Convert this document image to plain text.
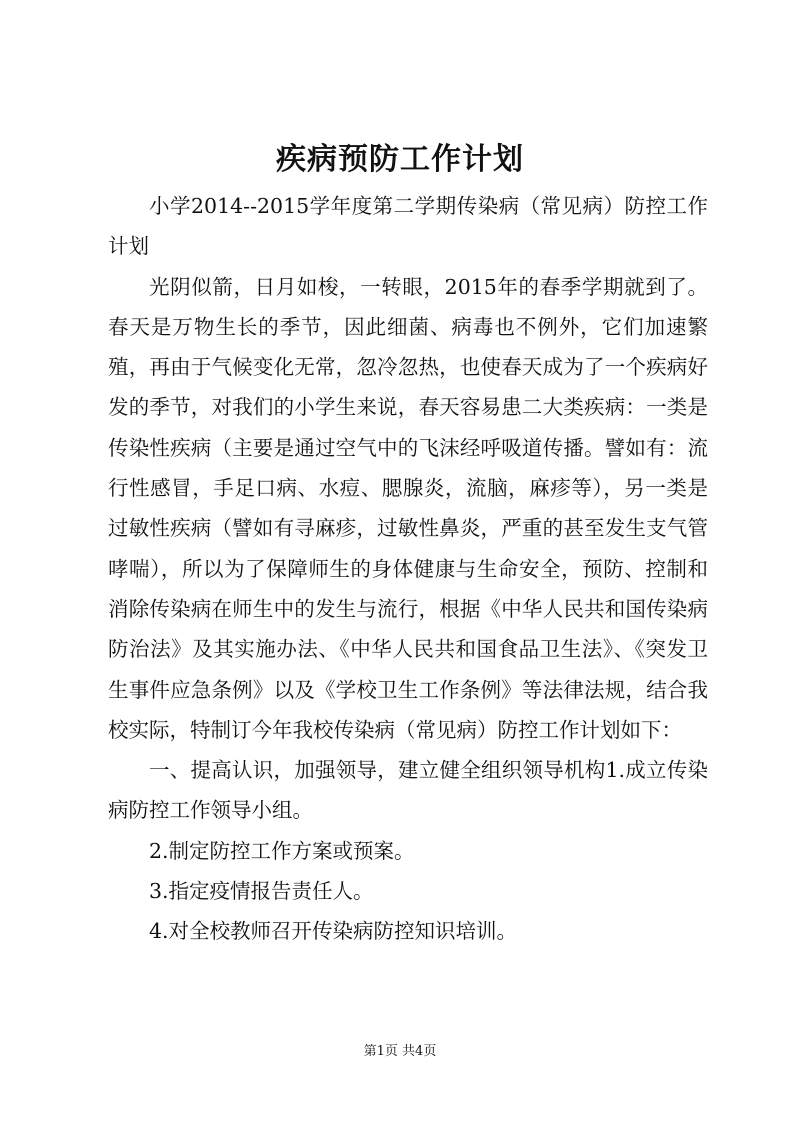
疾病预防工作计划

小学2014--2015学年度第二学期传染病（常见病）防控工作计划

光阴似箭，日月如梭，一转眼，2015年的春季学期就到了。春天是万物生长的季节，因此细菌、病毒也不例外，它们加速繁殖，再由于气候变化无常，忽冷忽热，也使春天成为了一个疾病好发的季节，对我们的小学生来说，春天容易患二大类疾病：一类是传染性疾病（主要是通过空气中的飞沫经呼吸道传播。譬如有：流行性感冒，手足口病、水痘、腮腺炎，流脑，麻疹等），另一类是过敏性疾病（譬如有寻麻疹，过敏性鼻炎，严重的甚至发生支气管哮喘），所以为了保障师生的身体健康与生命安全，预防、控制和消除传染病在师生中的发生与流行，根据《中华人民共和国传染病防治法》及其实施办法、《中华人民共和国食品卫生法》、《突发卫生事件应急条例》以及《学校卫生工作条例》等法律法规，结合我校实际，特制订今年我校传染病（常见病）防控工作计划如下：

一、提高认识，加强领导，建立健全组织领导机构1.成立传染病防控工作领导小组。

2.制定防控工作方案或预案。

3.指定疫情报告责任人。

4.对全校教师召开传染病防控知识培训。

第1页 共4页
